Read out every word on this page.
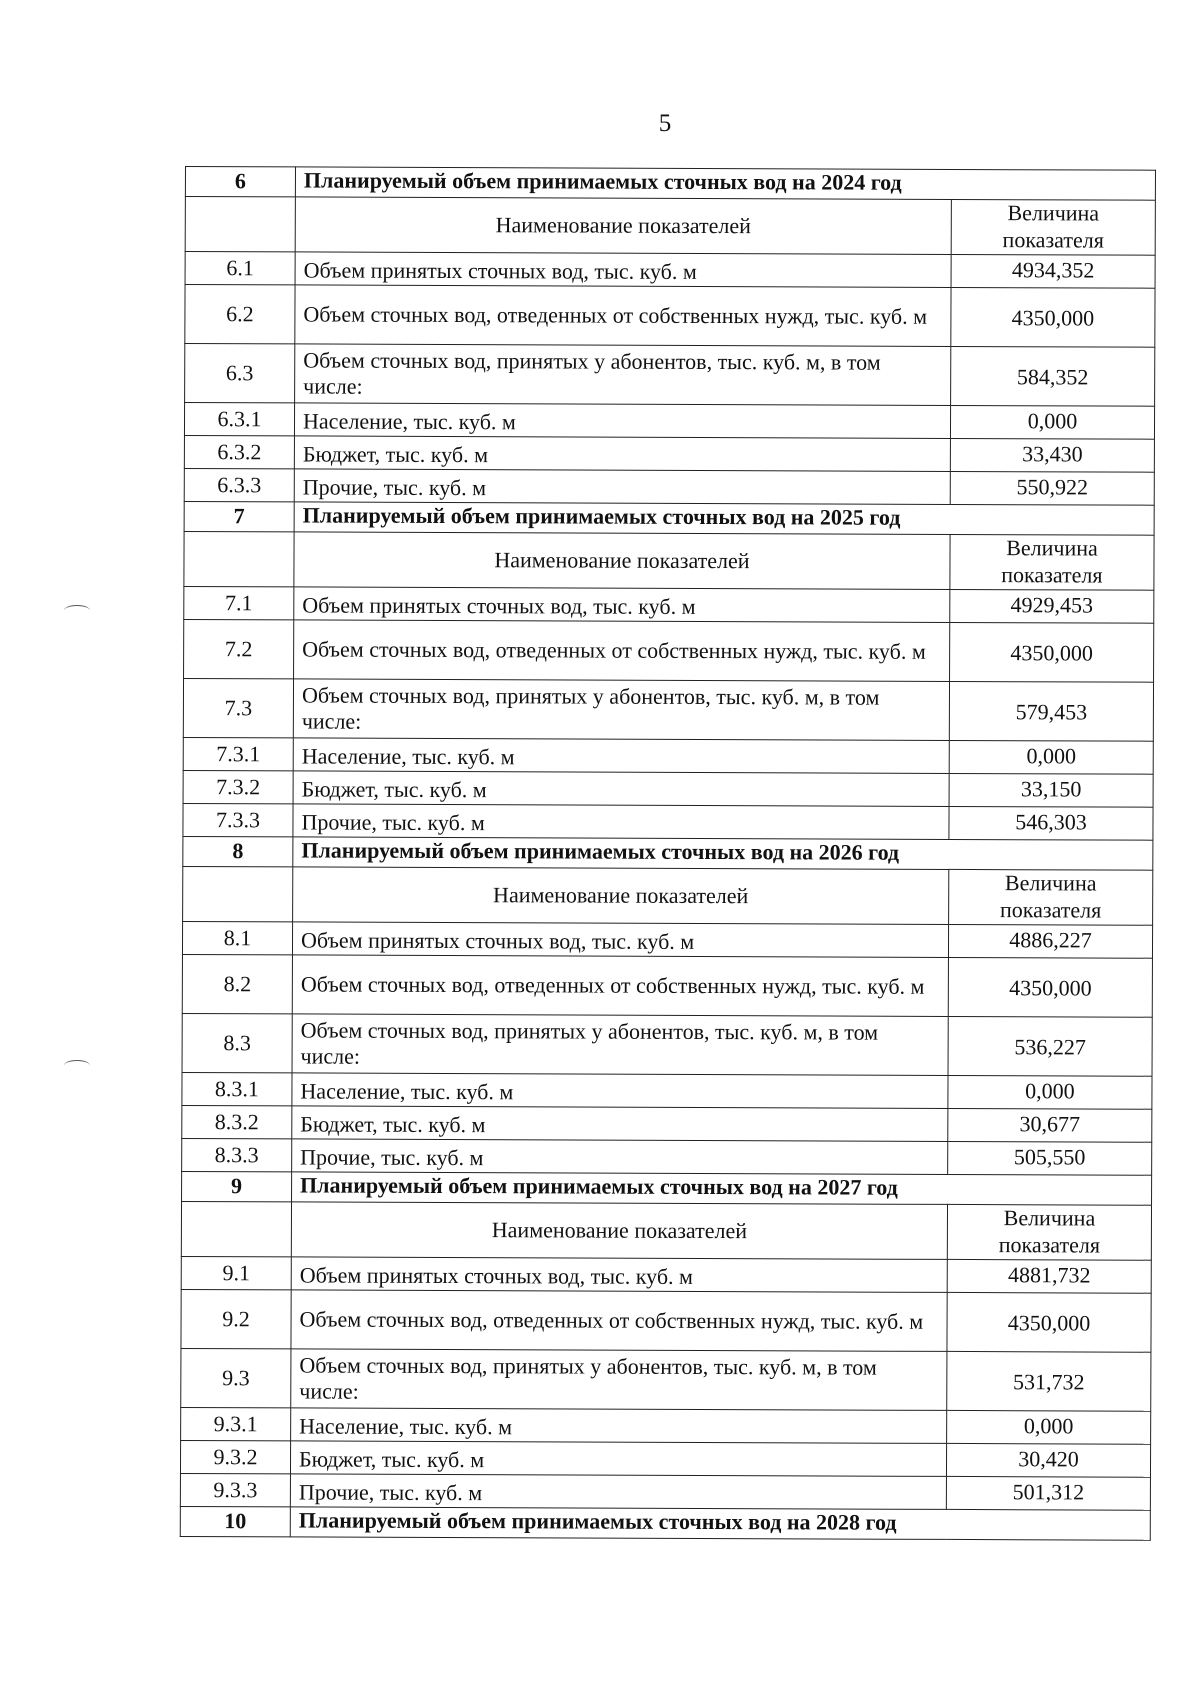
5
6	Планируемый объем принимаемых сточных вод на 2024 год	
	Наименование показателей	Величина показателя
6.1	Объем принятых сточных вод, тыс. куб. м	4934,352
6.2	Объем сточных вод, отведенных от собственных нужд, тыс. куб. м	4350,000
6.3	Объем сточных вод, принятых у абонентов, тыс. куб. м, в том числе:	584,352
6.3.1	Население, тыс. куб. м	0,000
6.3.2	Бюджет, тыс. куб. м	33,430
6.3.3	Прочие, тыс. куб. м	550,922
7	Планируемый объем принимаемых сточных вод на 2025 год	
	Наименование показателей	Величина показателя
7.1	Объем принятых сточных вод, тыс. куб. м	4929,453
7.2	Объем сточных вод, отведенных от собственных нужд, тыс. куб. м	4350,000
7.3	Объем сточных вод, принятых у абонентов, тыс. куб. м, в том числе:	579,453
7.3.1	Население, тыс. куб. м	0,000
7.3.2	Бюджет, тыс. куб. м	33,150
7.3.3	Прочие, тыс. куб. м	546,303
8	Планируемый объем принимаемых сточных вод на 2026 год	
	Наименование показателей	Величина показателя
8.1	Объем принятых сточных вод, тыс. куб. м	4886,227
8.2	Объем сточных вод, отведенных от собственных нужд, тыс. куб. м	4350,000
8.3	Объем сточных вод, принятых у абонентов, тыс. куб. м, в том числе:	536,227
8.3.1	Население, тыс. куб. м	0,000
8.3.2	Бюджет, тыс. куб. м	30,677
8.3.3	Прочие, тыс. куб. м	505,550
9	Планируемый объем принимаемых сточных вод на 2027 год	
	Наименование показателей	Величина показателя
9.1	Объем принятых сточных вод, тыс. куб. м	4881,732
9.2	Объем сточных вод, отведенных от собственных нужд, тыс. куб. м	4350,000
9.3	Объем сточных вод, принятых у абонентов, тыс. куб. м, в том числе:	531,732
9.3.1	Население, тыс. куб. м	0,000
9.3.2	Бюджет, тыс. куб. м	30,420
9.3.3	Прочие, тыс. куб. м	501,312
10	Планируемый объем принимаемых сточных вод на 2028 год	
